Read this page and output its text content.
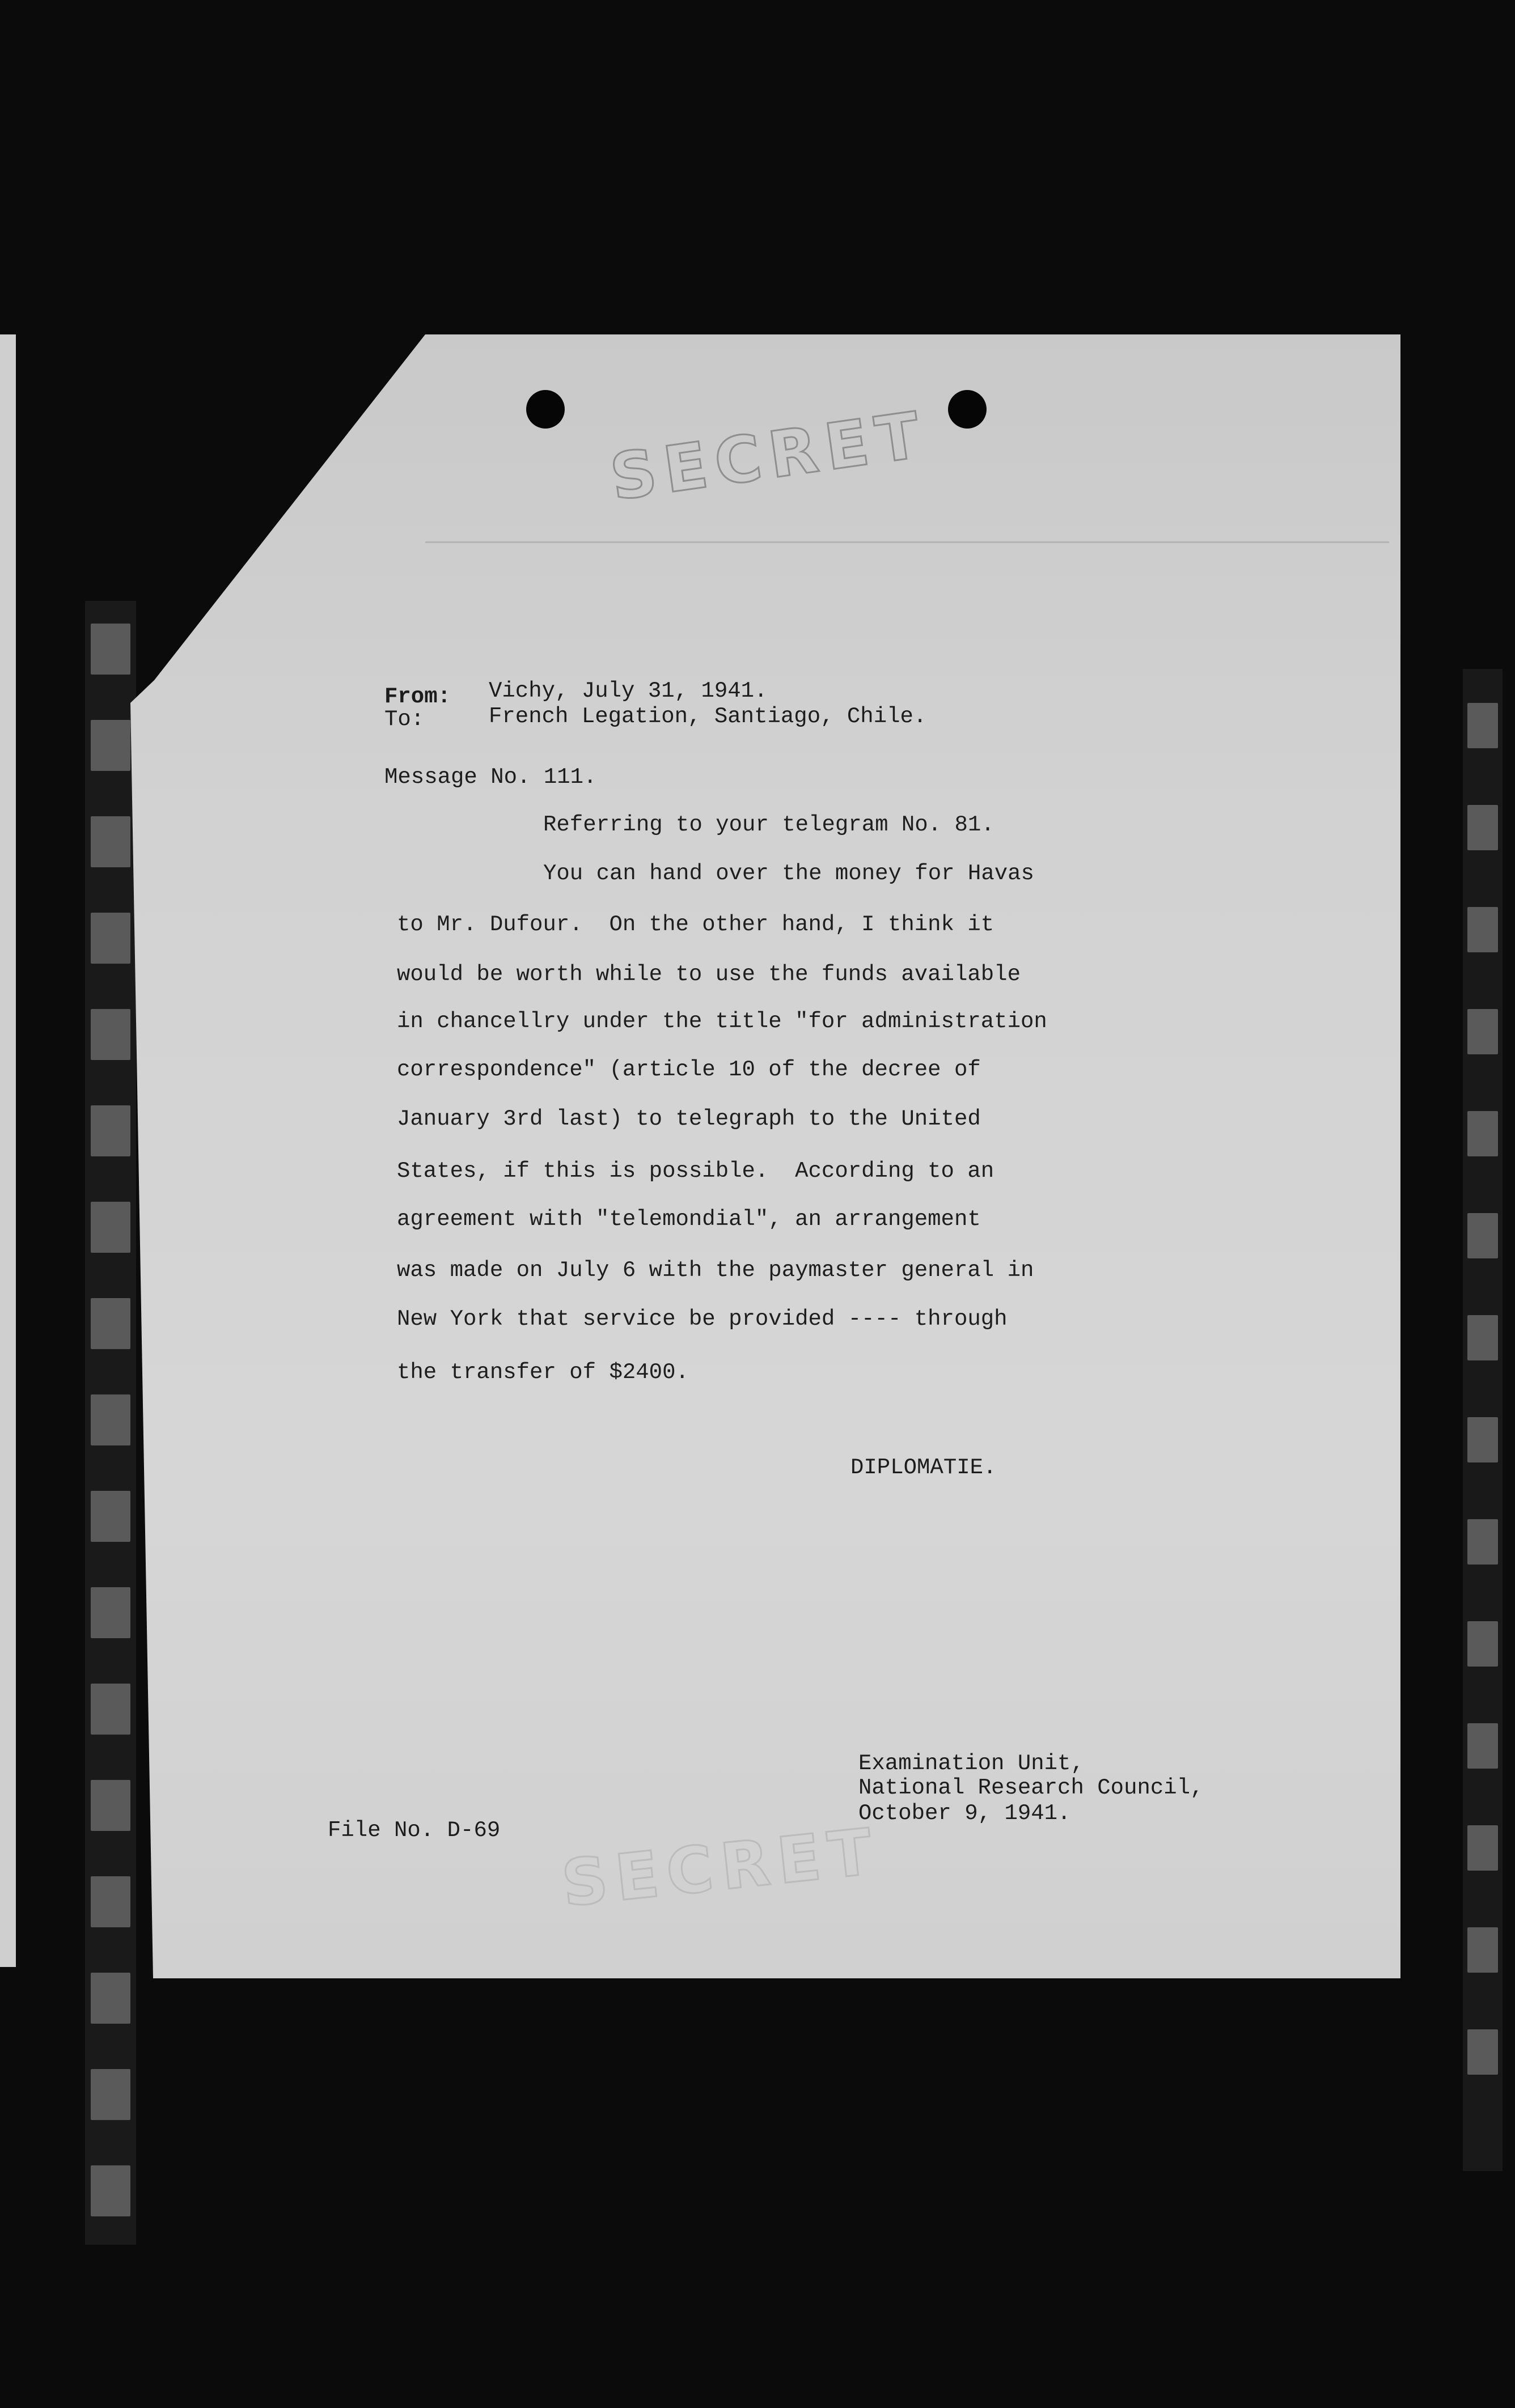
SECRET
From: Vichy, July 31, 1941.
To:	French Legation, Santiago, Chile.
Message No. 111.
Referring to your telegram No. 81.
You can hand over the money for Havas
to Mr. Dufour.  On the other hand, I think it
would be worth while to use the funds available
in chancellry under the title "for administration
correspondence" (article 10 of the decree of
January 3rd last) to telegraph to the United
States, if this is possible.  According to an
agreement with "telemondial", an arrangement
was made on July 6 with the paymaster general in
New York that service be provided ---- through
the transfer of $2400.
DIPLOMATIE.
Examination Unit,
National Research Council,
October 9, 1941.
File No. D-69 SECRET
